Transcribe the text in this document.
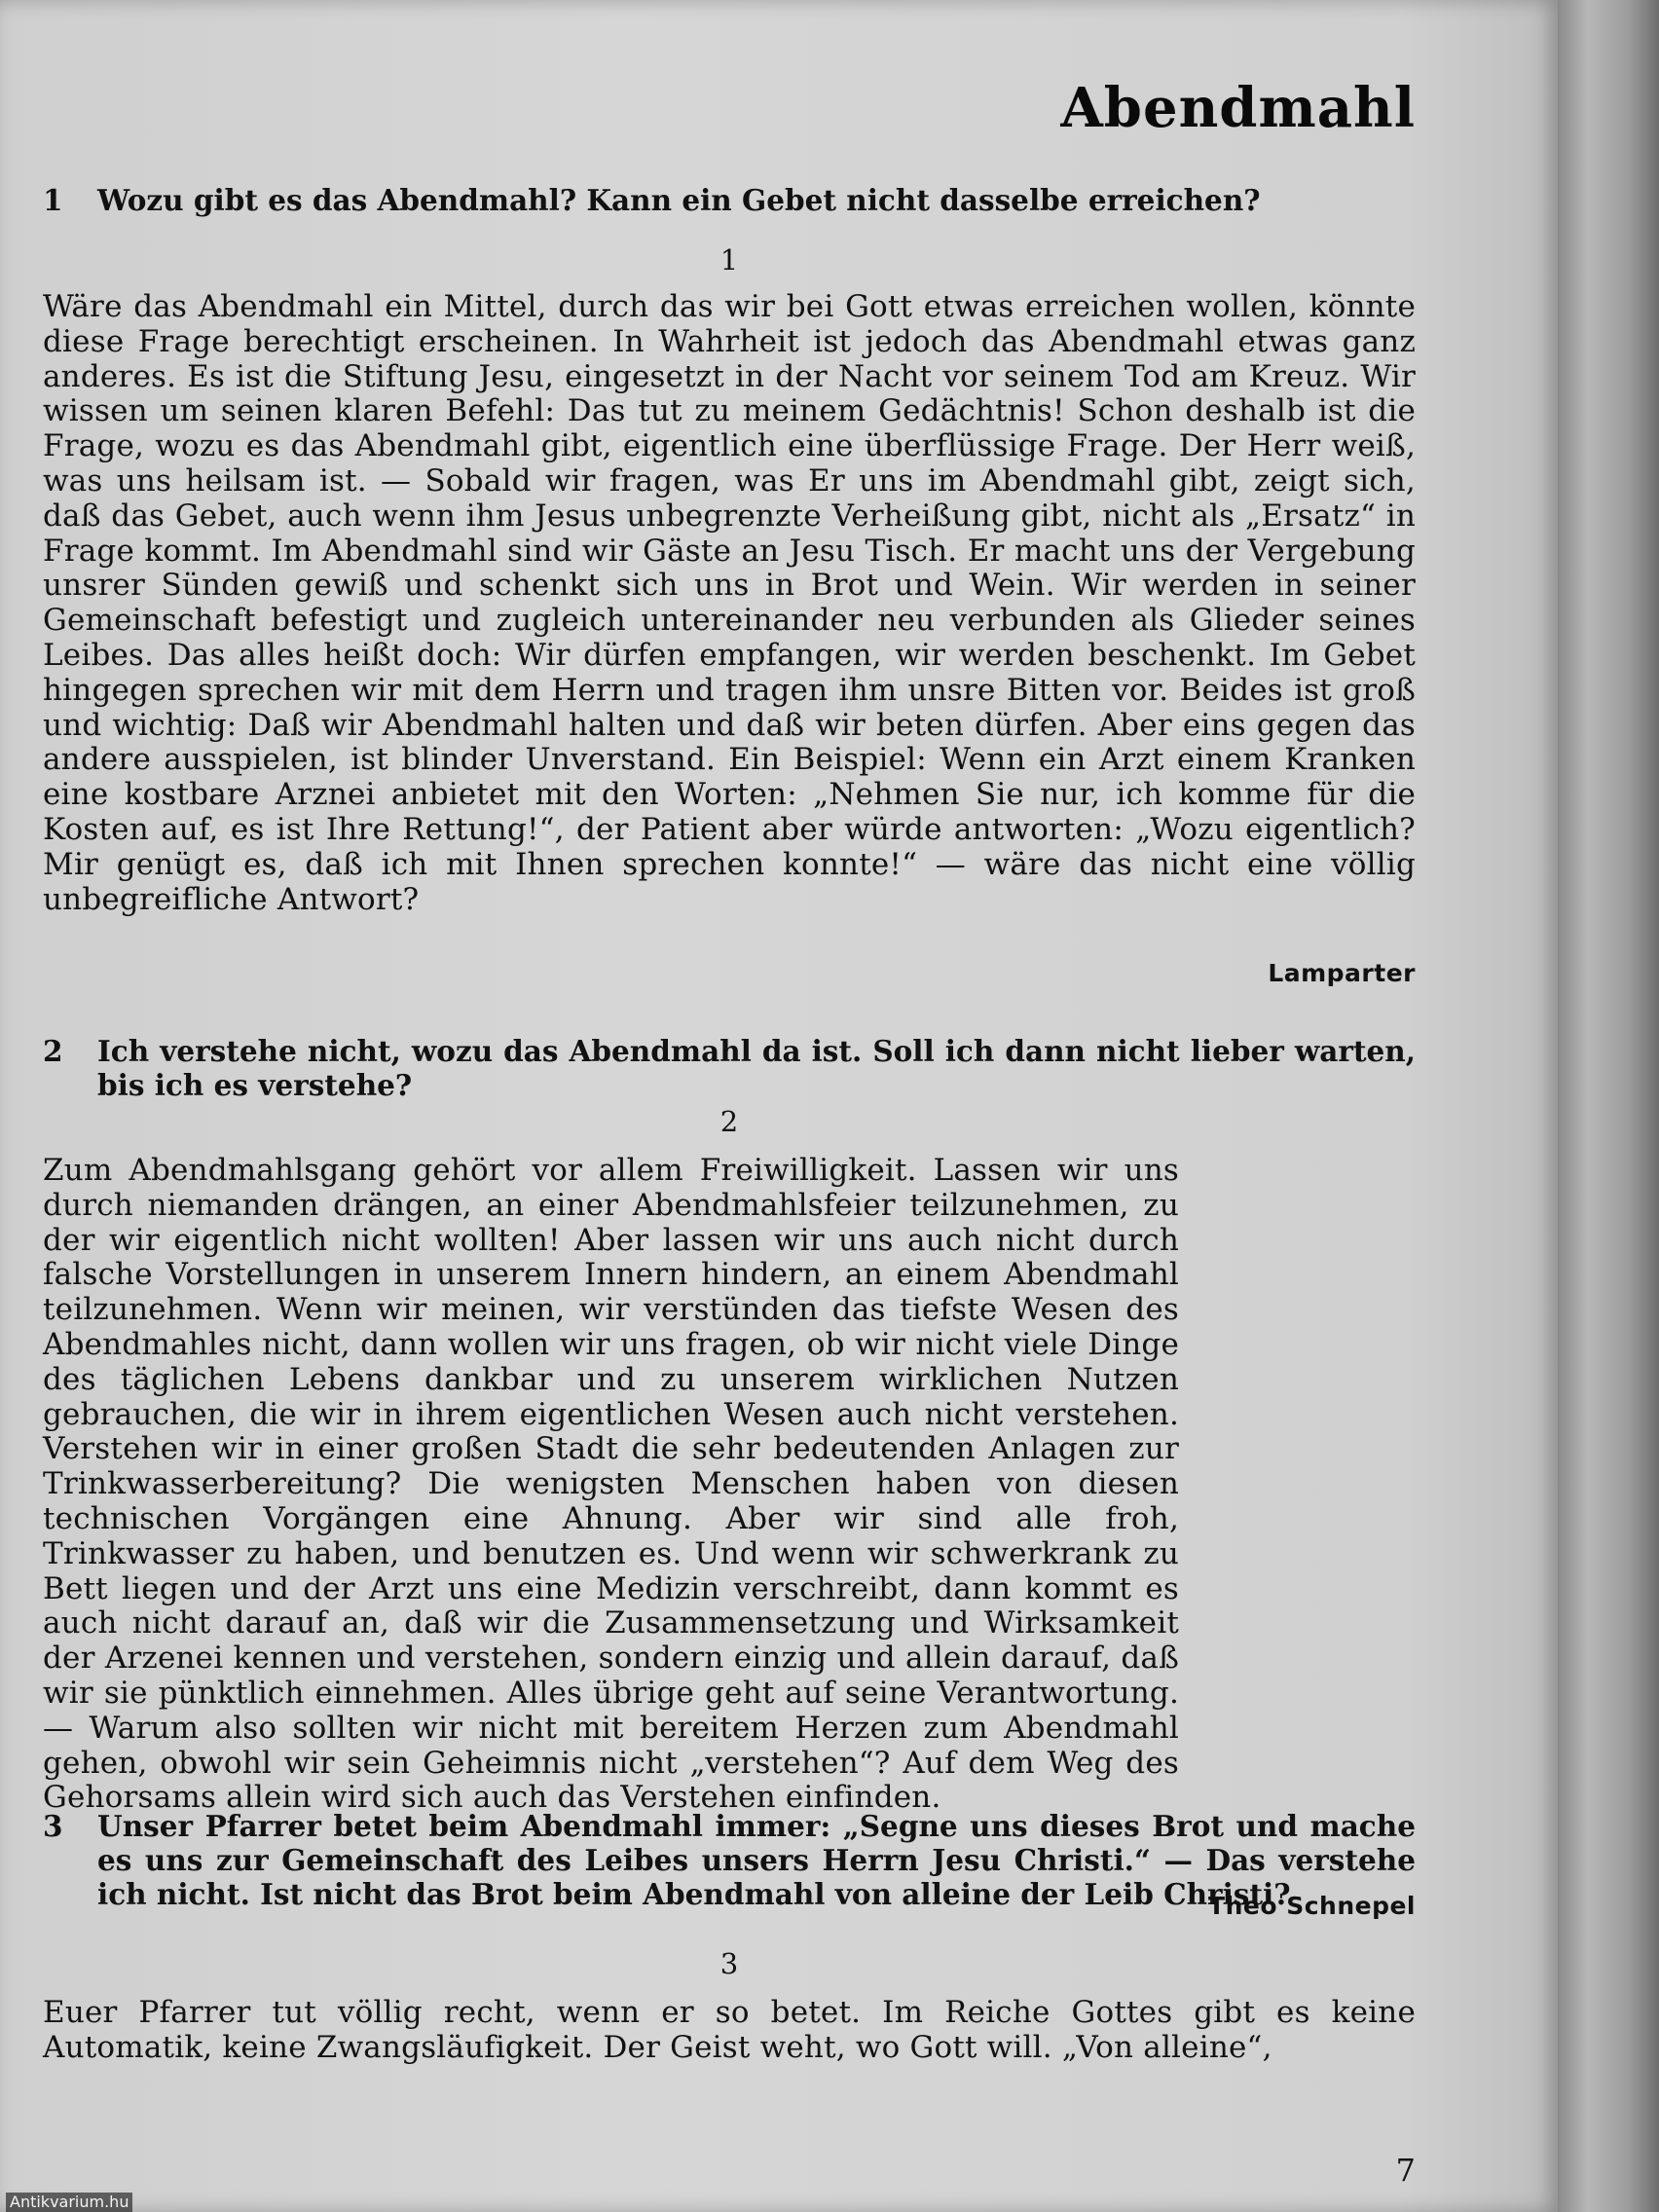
Abendmahl
1	Wozu gibt es das Abendmahl? Kann ein Gebet nicht dasselbe erreichen?
1
Wäre das Abendmahl ein Mittel, durch das wir bei Gott etwas erreichen wollen, könnte diese Frage berechtigt erscheinen. In Wahrheit ist jedoch das Abendmahl etwas ganz anderes. Es ist die Stiftung Jesu, eingesetzt in der Nacht vor seinem Tod am Kreuz. Wir wissen um seinen klaren Befehl: Das tut zu meinem Gedächtnis! Schon deshalb ist die Frage, wozu es das Abendmahl gibt, eigentlich eine überflüssige Frage. Der Herr weiß, was uns heilsam ist. — Sobald wir fragen, was Er uns im Abendmahl gibt, zeigt sich, daß das Gebet, auch wenn ihm Jesus unbegrenzte Verheißung gibt, nicht als „Ersatz“ in Frage kommt. Im Abendmahl sind wir Gäste an Jesu Tisch. Er macht uns der Vergebung unsrer Sünden gewiß und schenkt sich uns in Brot und Wein. Wir werden in seiner Gemeinschaft befestigt und zugleich untereinander neu verbunden als Glieder seines Leibes. Das alles heißt doch: Wir dürfen empfangen, wir werden beschenkt. Im Gebet hingegen sprechen wir mit dem Herrn und tragen ihm unsre Bitten vor. Beides ist groß und wichtig: Daß wir Abendmahl halten und daß wir beten dürfen. Aber eins gegen das andere ausspielen, ist blinder Unverstand. Ein Beispiel: Wenn ein Arzt einem Kranken eine kostbare Arznei anbietet mit den Worten: „Nehmen Sie nur, ich komme für die Kosten auf, es ist Ihre Rettung!“, der Patient aber würde antworten: „Wozu eigentlich? Mir genügt es, daß ich mit Ihnen sprechen konnte!“ — wäre das nicht eine völlig unbegreifliche Antwort?
Lamparter
2	Ich verstehe nicht, wozu das Abendmahl da ist. Soll ich dann nicht lieber warten, bis ich es verstehe?
2
Theo Schnepel
Zum Abendmahlsgang gehört vor allem Freiwilligkeit. Lassen wir uns durch niemanden drängen, an einer Abendmahlsfeier teilzunehmen, zu der wir eigentlich nicht wollten! Aber lassen wir uns auch nicht durch falsche Vorstellungen in unserem Innern hindern, an einem Abendmahl teilzunehmen. Wenn wir meinen, wir verstünden das tiefste Wesen des Abendmahles nicht, dann wollen wir uns fragen, ob wir nicht viele Dinge des täglichen Lebens dankbar und zu unserem wirklichen Nutzen gebrauchen, die wir in ihrem eigentlichen Wesen auch nicht verstehen. Verstehen wir in einer großen Stadt die sehr bedeutenden Anlagen zur Trinkwasserbereitung? Die wenigsten Menschen haben von diesen technischen Vorgängen eine Ahnung. Aber wir sind alle froh, Trinkwasser zu haben, und benutzen es. Und wenn wir schwerkrank zu Bett liegen und der Arzt uns eine Medizin verschreibt, dann kommt es auch nicht darauf an, daß wir die Zusammensetzung und Wirksamkeit der Arzenei kennen und verstehen, sondern einzig und allein darauf, daß wir sie pünktlich einnehmen. Alles übrige geht auf seine Verantwortung. — Warum also sollten wir nicht mit bereitem Herzen zum Abendmahl gehen, obwohl wir sein Geheimnis nicht „verstehen“? Auf dem Weg des Gehorsams allein wird sich auch das Verstehen einfinden.
3	Unser Pfarrer betet beim Abendmahl immer: „Segne uns dieses Brot und mache es uns zur Gemeinschaft des Leibes unsers Herrn Jesu Christi.“ — Das verstehe ich nicht. Ist nicht das Brot beim Abendmahl von alleine der Leib Christi?
3
Euer Pfarrer tut völlig recht, wenn er so betet. Im Reiche Gottes gibt es keine Automatik, keine Zwangsläufigkeit. Der Geist weht, wo Gott will. „Von alleine“,
7
Antikvarium.hu
